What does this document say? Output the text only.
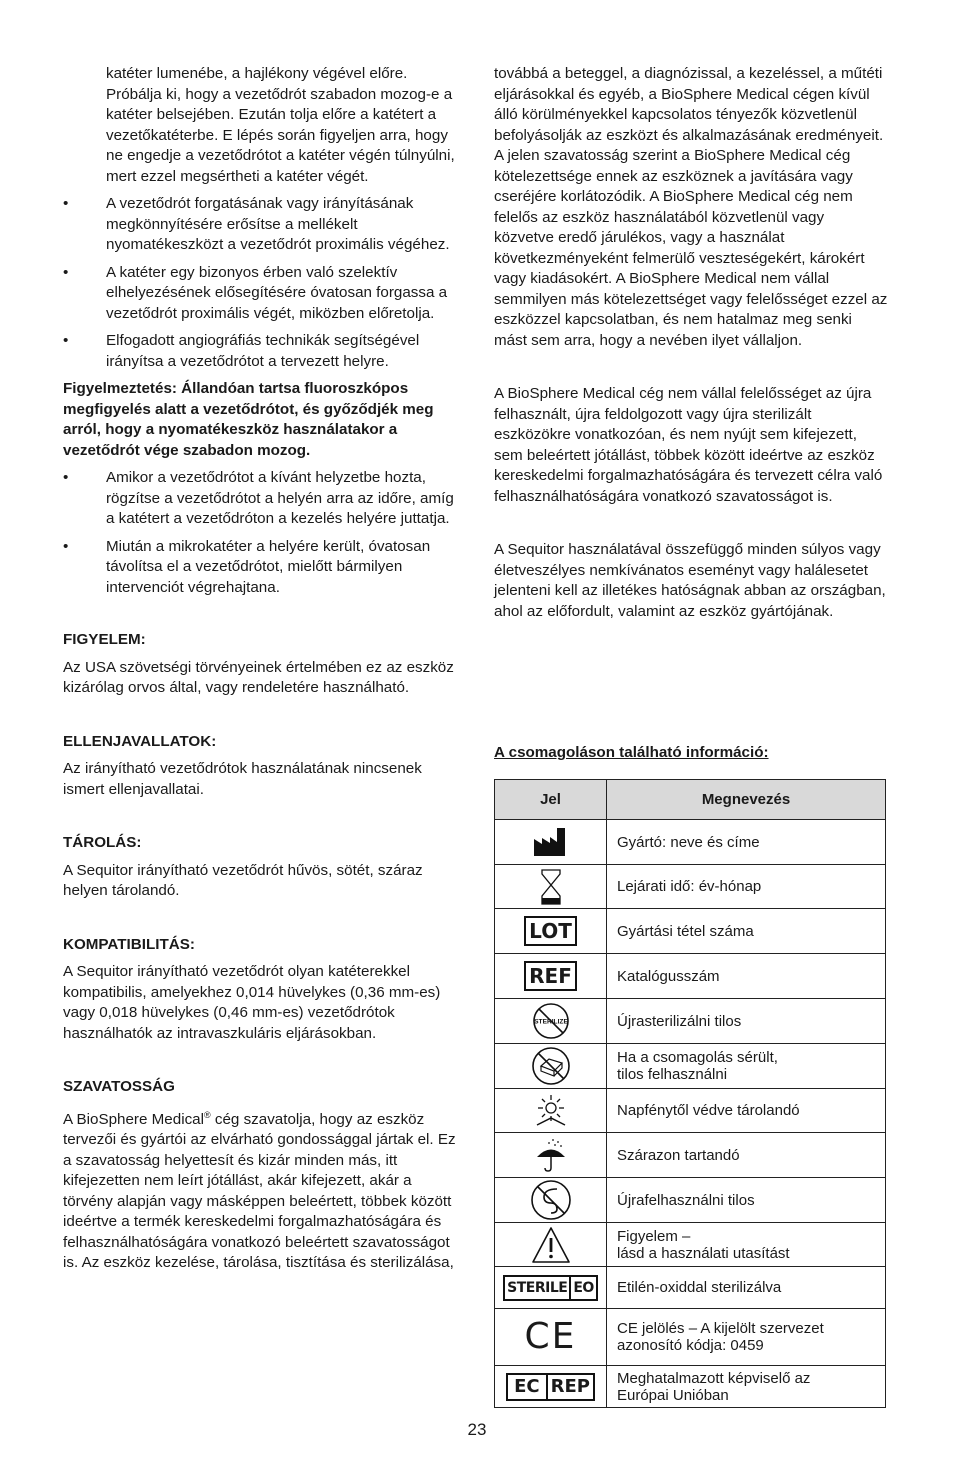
katéter lumenébe, a hajlékony végével előre. Próbálja ki, hogy a vezetődrót szabadon mozog-e a katéter belsejében. Ezután tolja előre a katétert a vezetőkatéterbe. E lépés során figyeljen arra, hogy ne engedje a vezetődrótot a katéter végén túlnyúlni, mert ezzel megsértheti a katéter végét.

• A vezetődrót forgatásának vagy irányításának megkönnyítésére erősítse a mellékelt nyomatékeszközt a vezetődrót proximális végéhez.
• A katéter egy bizonyos érben való szelektív elhelyezésének elősegítésére óvatosan forgassa a vezetődrót proximális végét, miközben előretolja.
• Elfogadott angiográfiás technikák segítségével irányítsa a vezetődrótot a tervezett helyre.

Figyelmeztetés: Állandóan tartsa fluoroszkópos megfigyelés alatt a vezetődrótot, és győződjék meg arról, hogy a nyomatékeszköz használatakor a vezetődrót vége szabadon mozog.

• Amikor a vezetődrótot a kívánt helyzetbe hozta, rögzítse a vezetődrótot a helyén arra az időre, amíg a katétert a vezetődróton a kezelés helyére juttatja.
• Miután a mikrokatéter a helyére került, óvatosan távolítsa el a vezetődrótot, mielőtt bármilyen intervenciót végrehajtana.

FIGYELEM:

Az USA szövetségi törvényeinek értelmében ez az eszköz kizárólag orvos által, vagy rendeletére használható.

ELLENJAVALLATOK:

Az irányítható vezetődrótok használatának nincsenek ismert ellenjavallatai.

TÁROLÁS:

A Sequitor irányítható vezetődrót hűvös, sötét, száraz helyen tárolandó.

KOMPATIBILITÁS:

A Sequitor irányítható vezetődrót olyan katéterekkel kompatibilis, amelyekhez 0,014 hüvelykes (0,36 mm-es) vagy 0,018 hüvelykes (0,46 mm-es) vezetődrótok használhatók az intravaszkuláris eljárásokban.

SZAVATOSSÁG

A BioSphere Medical® cég szavatolja, hogy az eszköz tervezői és gyártói az elvárható gondossággal jártak el. Ez a szavatosság helyettesít és kizár minden más, itt kifejezetten nem leírt jótállást, akár kifejezett, akár a törvény alapján vagy másképpen beleértett, többek között ideértve a termék kereskedelmi forgalmazhatóságára és felhasználhatóságára vonatkozó beleértett szavatosságot is. Az eszköz kezelése, tárolása, tisztítása és sterilizálása,

továbbá a beteggel, a diagnózissal, a kezeléssel, a műtéti eljárásokkal és egyéb, a BioSphere Medical cégen kívül álló körülményekkel kapcsolatos tényezők közvetlenül befolyásolják az eszközt és alkalmazásának eredményeit. A jelen szavatosság szerint a BioSphere Medical cég kötelezettsége ennek az eszköznek a javítására vagy cseréjére korlátozódik. A BioSphere Medical cég nem felelős az eszköz használatából közvetlenül vagy közvetve eredő járulékos, vagy a használat következményeként felmerülő veszteségekért, károkért vagy kiadásokért. A BioSphere Medical nem vállal semmilyen más kötelezettséget vagy felelősséget ezzel az eszközzel kapcsolatban, és nem hatalmaz meg senki mást sem arra, hogy a nevében ilyet vállaljon.

A BioSphere Medical cég nem vállal felelősséget az újra felhasznált, újra feldolgozott vagy újra sterilizált eszközökre vonatkozóan, és nem nyújt sem kifejezett, sem beleértett jótállást, többek között ideértve az eszköz kereskedelmi forgalmazhatóságára és tervezett célra való felhasználhatóságára vonatkozó szavatosságot is.

A Sequitor használatával összefüggő minden súlyos vagy életveszélyes nemkívánatos eseményt vagy halálesetet jelenteni kell az illetékes hatóságnak abban az országban, ahol az előfordult, valamint az eszköz gyártójának.

A csomagoláson található információ:

Jel	Megnevezés

	Gyártó: neve és címe

	Lejárati idő: év-hónap
LOT	Gyártási tétel száma
REF	Katalógusszám

STERILIZE	Újrasterilizálni tilos

	Ha a csomagolás sérült,
tilos felhasználni

	Napfénytől védve tárolandó

	Szárazon tartandó

	Újrafelhasználni tilos

	Figyelem –
lásd a használati utasítást

STERILE EO	Etilén-oxiddal sterilizálva
CE	CE jelölés – A kijelölt szervezet
azonosító kódja: 0459

EC REP	Meghatalmazott képviselő az
Európai Unióban
23
